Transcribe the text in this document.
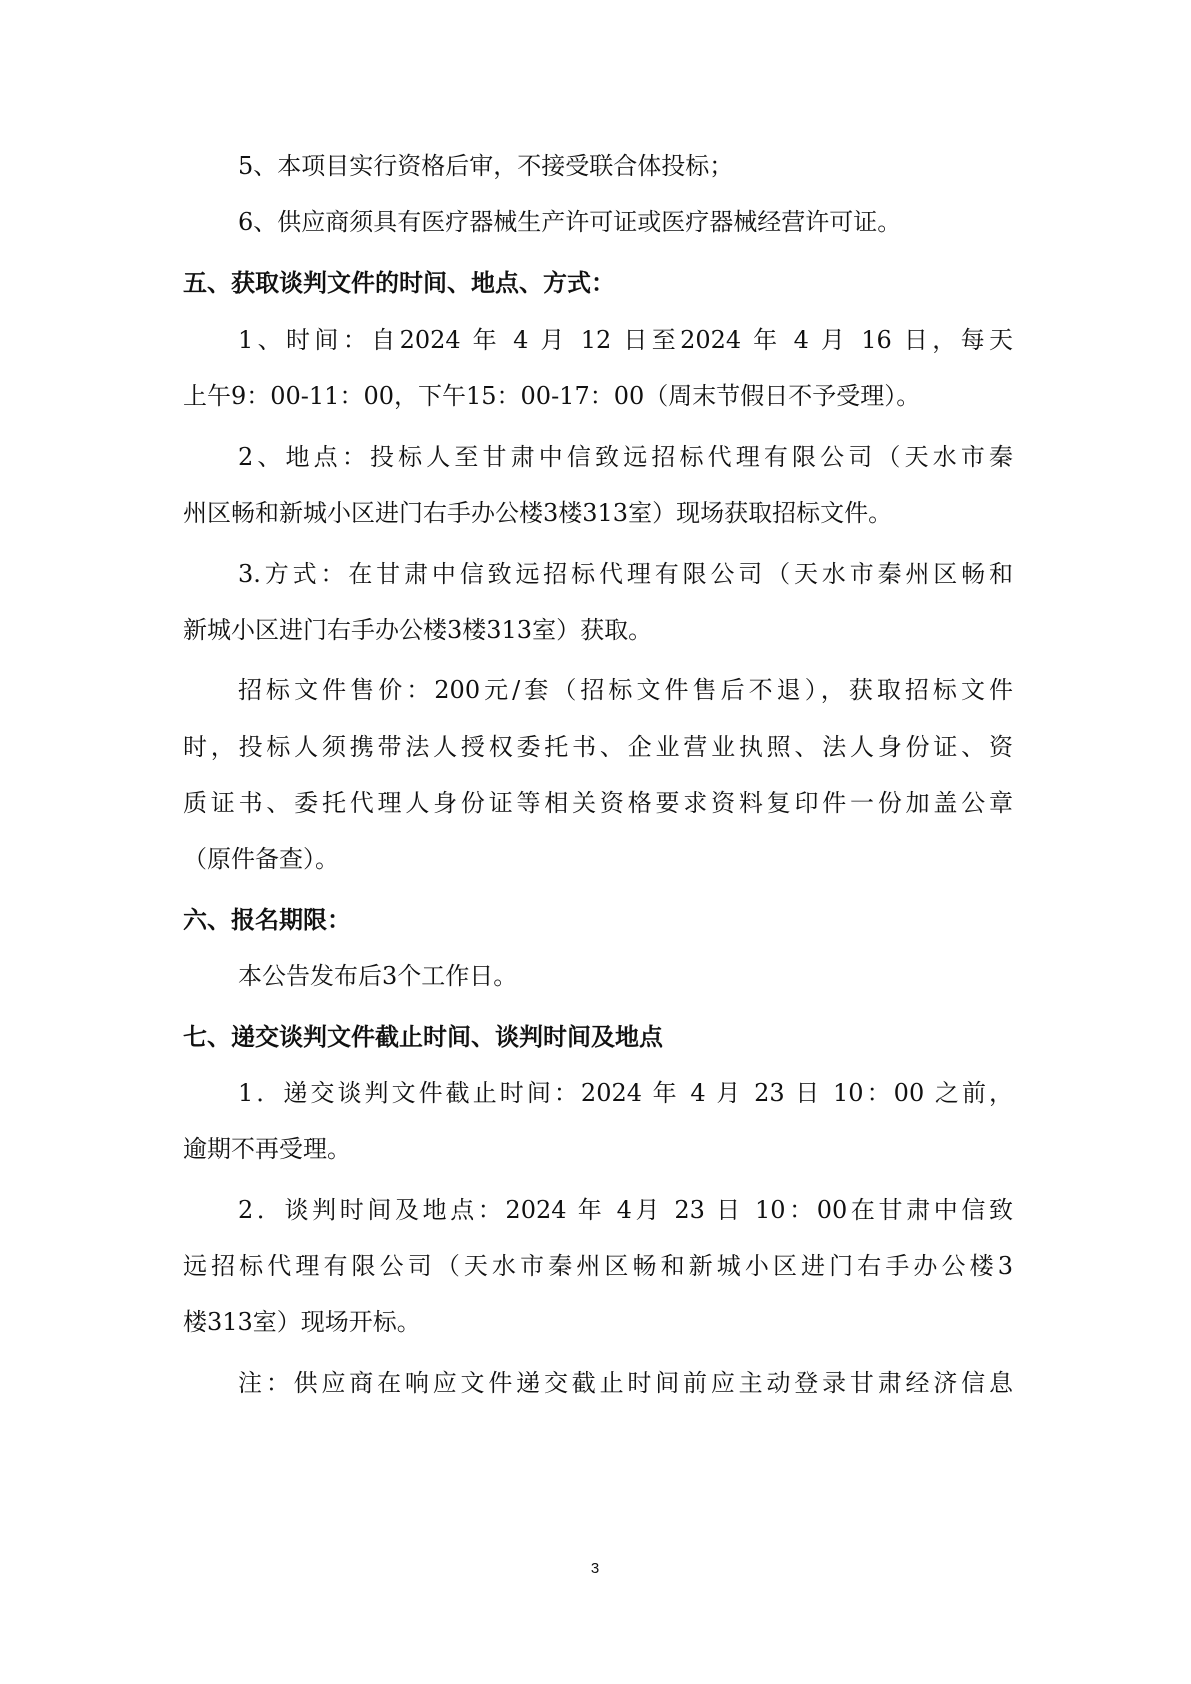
5、本项目实行资格后审，不接受联合体投标；
6、供应商须具有医疗器械生产许可证或医疗器械经营许可证。
五、获取谈判文件的时间、地点、方式：
1、时间：自2024 年 4 月 12 日至2024 年 4 月 16 日，每天
上午9：00-11：00，下午15：00-17：00（周末节假日不予受理）。
2、地点：投标人至甘肃中信致远招标代理有限公司（天水市秦
州区畅和新城小区进门右手办公楼3楼313室）现场获取招标文件。
3.方式：在甘肃中信致远招标代理有限公司（天水市秦州区畅和
新城小区进门右手办公楼3楼313室）获取。
招标文件售价：200元/套（招标文件售后不退），获取招标文件
时，投标人须携带法人授权委托书、企业营业执照、法人身份证、资
质证书、委托代理人身份证等相关资格要求资料复印件一份加盖公章
（原件备查）。
六、报名期限：
本公告发布后3个工作日。
七、递交谈判文件截止时间、谈判时间及地点
1．递交谈判文件截止时间：2024 年 4 月 23 日 10：00 之前，
逾期不再受理。
2．谈判时间及地点：2024 年 4月 23 日 10：00在甘肃中信致
远招标代理有限公司（天水市秦州区畅和新城小区进门右手办公楼3
楼313室）现场开标。
注：供应商在响应文件递交截止时间前应主动登录甘肃经济信息
3
